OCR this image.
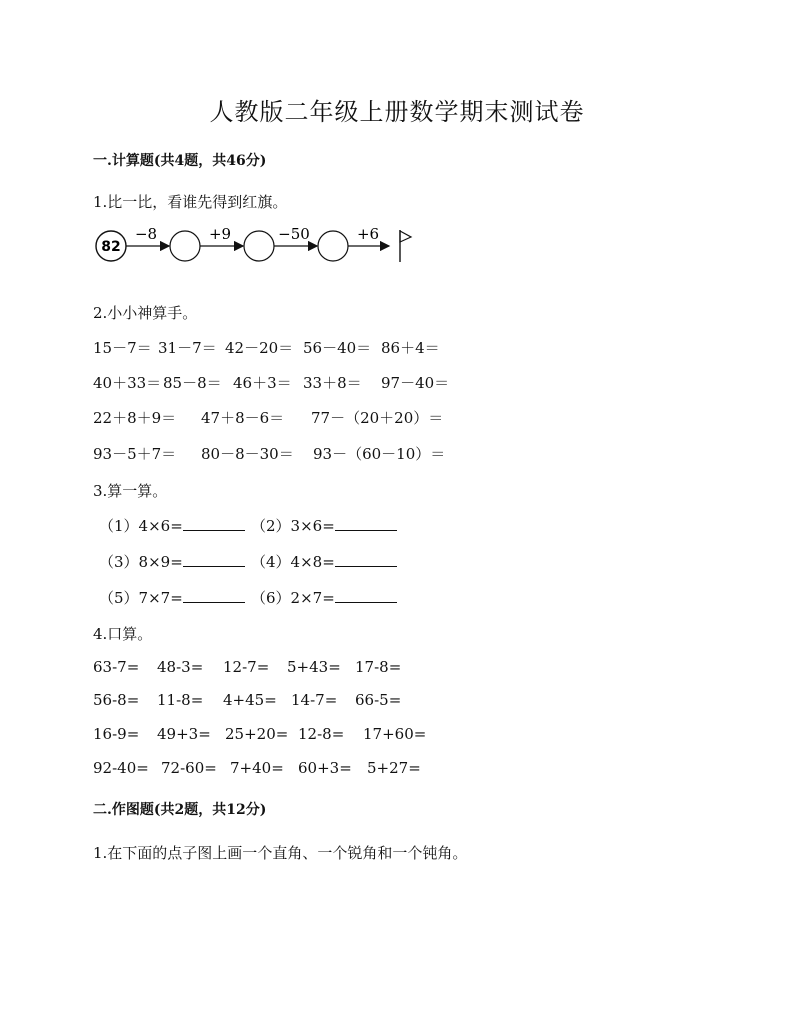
人教版二年级上册数学期末测试卷
一.计算题(共4题，共46分)
1.比一比，看谁先得到红旗。
82
−8	+9	−50	+6
2.小小神算手。
15－7＝ 31－7＝ 42－20＝ 56－40＝ 86＋4＝
40＋33＝ 85－8＝ 46＋3＝ 33＋8＝ 97－40＝
22＋8＋9＝ 47＋8－6＝ 77－（20＋20）＝
93－5＋7＝ 80－8－30＝ 93－（60－10）＝
3.算一算。
（1）4×6=	（2）3×6=
（3）8×9=	（4）4×8=
（5）7×7=	（6）2×7=
4.口算。
63-7= 48-3= 12-7= 5+43= 17-8=
56-8= 11-8= 4+45= 14-7= 66-5=
16-9= 49+3= 25+20= 12-8= 17+60=
92-40= 72-60= 7+40= 60+3= 5+27=
二.作图题(共2题，共12分)
1.在下面的点子图上画一个直角、一个锐角和一个钝角。
